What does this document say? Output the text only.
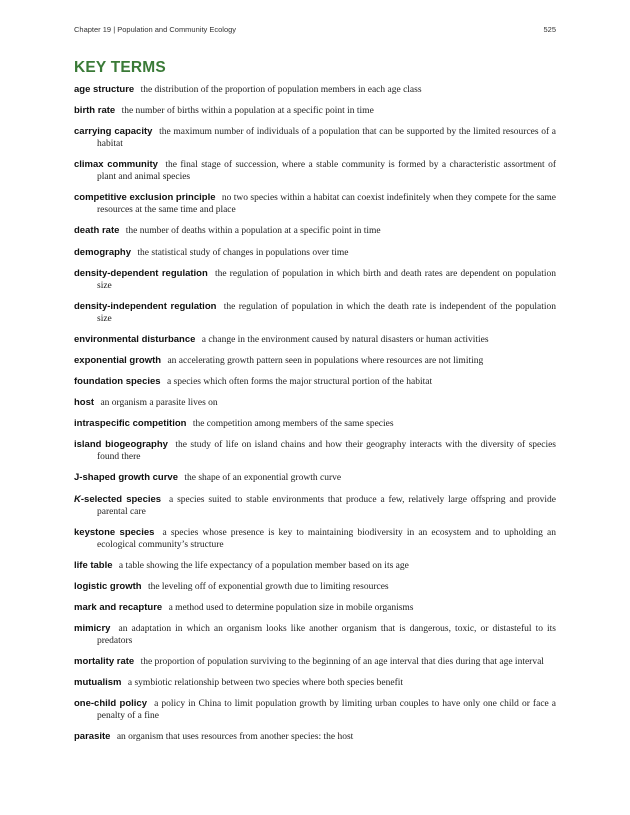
Chapter 19 | Population and Community Ecology	525
KEY TERMS

age structure the distribution of the proportion of population members in each age class

birth rate the number of births within a population at a specific point in time

carrying capacity the maximum number of individuals of a population that can be supported by the limited resources of a habitat

climax community the final stage of succession, where a stable community is formed by a characteristic assortment of plant and animal species

competitive exclusion principle no two species within a habitat can coexist indefinitely when they compete for the same resources at the same time and place

death rate the number of deaths within a population at a specific point in time

demography the statistical study of changes in populations over time

density-dependent regulation the regulation of population in which birth and death rates are dependent on population size

density-independent regulation the regulation of population in which the death rate is independent of the population size

environmental disturbance a change in the environment caused by natural disasters or human activities

exponential growth an accelerating growth pattern seen in populations where resources are not limiting

foundation species a species which often forms the major structural portion of the habitat

host an organism a parasite lives on

intraspecific competition the competition among members of the same species

island biogeography the study of life on island chains and how their geography interacts with the diversity of species found there

J-shaped growth curve the shape of an exponential growth curve

K-selected species a species suited to stable environments that produce a few, relatively large offspring and provide parental care

keystone species a species whose presence is key to maintaining biodiversity in an ecosystem and to upholding an ecological community’s structure

life table a table showing the life expectancy of a population member based on its age

logistic growth the leveling off of exponential growth due to limiting resources

mark and recapture a method used to determine population size in mobile organisms

mimicry an adaptation in which an organism looks like another organism that is dangerous, toxic, or distasteful to its predators

mortality rate the proportion of population surviving to the beginning of an age interval that dies during that age interval

mutualism a symbiotic relationship between two species where both species benefit

one-child policy a policy in China to limit population growth by limiting urban couples to have only one child or face a penalty of a fine

parasite an organism that uses resources from another species: the host
